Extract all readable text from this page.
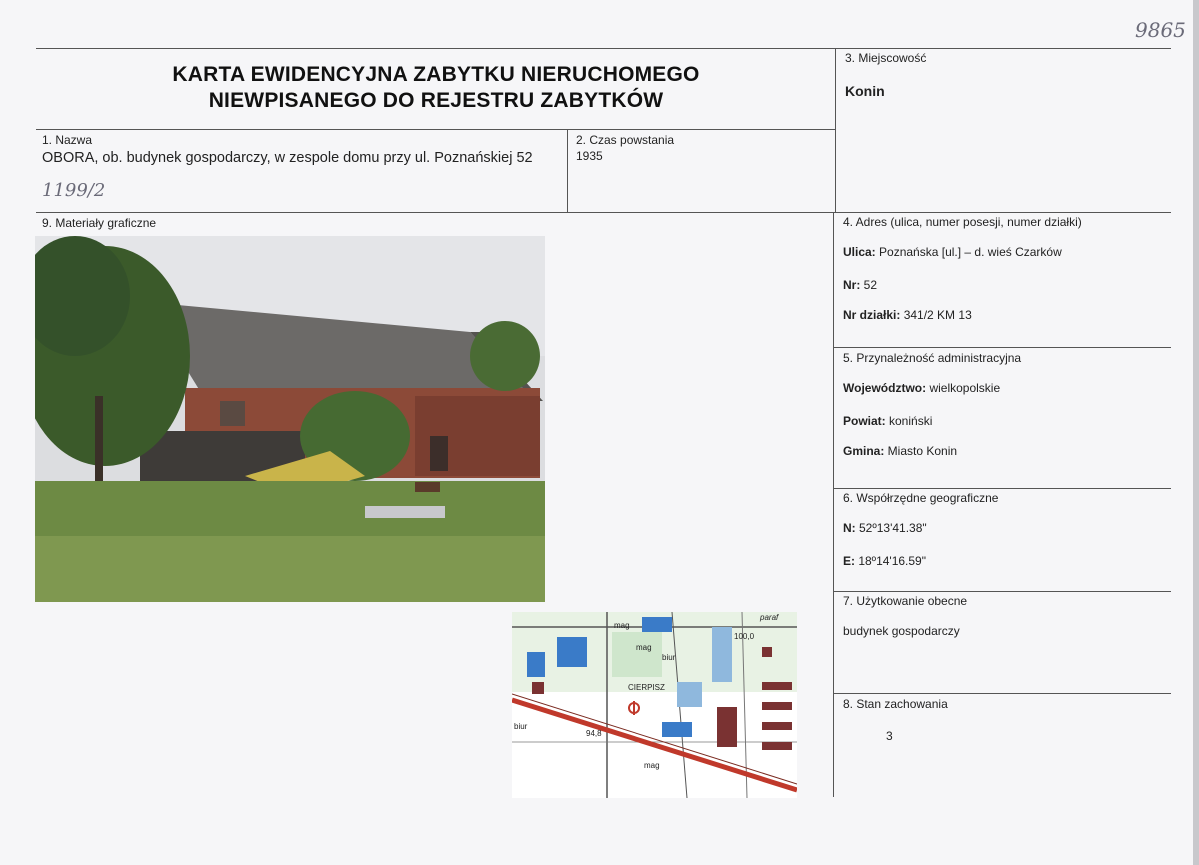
9865
1199/2
KARTA EWIDENCYJNA ZABYTKU NIERUCHOMEGO
NIEWPISANEGO DO REJESTRU ZABYTKÓW
1. Nazwa
OBORA, ob. budynek gospodarczy, w zespole domu przy ul. Poznańskiej 52
2. Czas powstania
1935
3. Miejscowość
Konin
9. Materiały graficzne	4. Adres (ulica, numer posesji, numer działki)
Ulica: Poznańska [ul.] – d. wieś Czarków
Nr: 52
Nr działki: 341/2 KM 13
5. Przynależność administracyjna
Województwo: wielkopolskie
Powiat: koniński
Gmina: Miasto Konin
6. Współrzędne geograficzne
N: 52º13'41.38"
E: 18º14'16.59"
7. Użytkowanie obecne
budynek gospodarczy
8. Stan zachowania
3
mag
mag
mag
biur
biur
100,0
94,8
CIERPISZ
paraf
